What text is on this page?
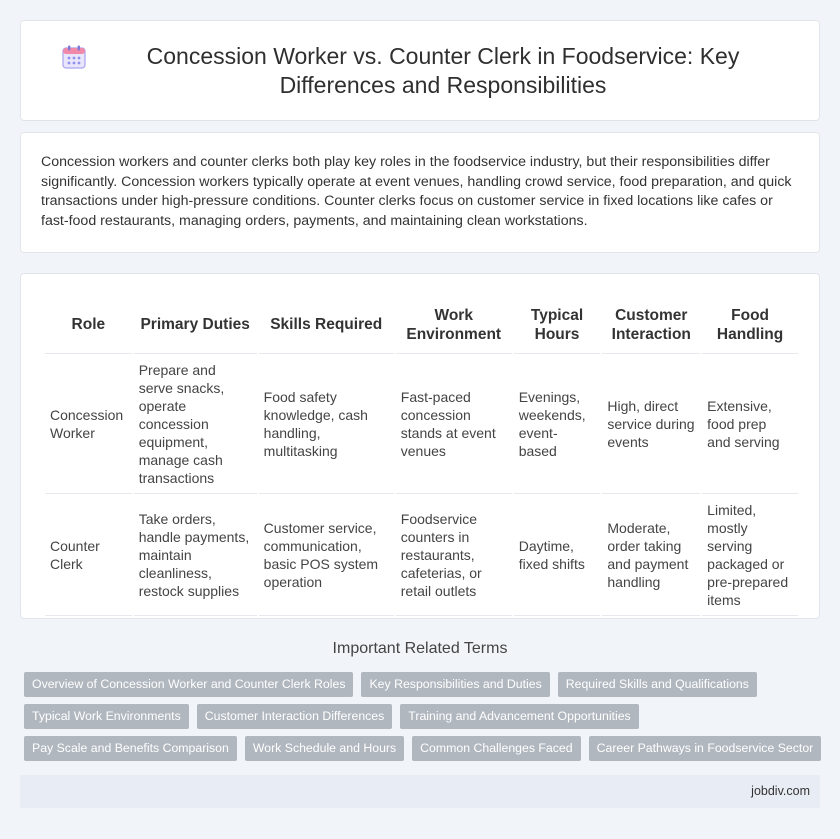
Concession Worker vs. Counter Clerk in Foodservice: Key Differences and Responsibilities

Concession workers and counter clerks both play key roles in the foodservice industry, but their responsibilities differ significantly. Concession workers typically operate at event venues, handling crowd service, food preparation, and quick transactions under high-pressure conditions. Counter clerks focus on customer service in fixed locations like cafes or fast-food restaurants, managing orders, payments, and maintaining clean workstations.

Role	Primary Duties	Skills Required	Work Environment	Typical Hours	Customer Interaction	Food Handling
Concession Worker	Prepare and serve snacks, operate concession equipment, manage cash transactions	Food safety knowledge, cash handling, multitasking	Fast-paced concession stands at event venues	Evenings, weekends, event-based	High, direct service during events	Extensive, food prep and serving
Counter Clerk	Take orders, handle payments, maintain cleanliness, restock supplies	Customer service, communication, basic POS system operation	Foodservice counters in restaurants, cafeterias, or retail outlets	Daytime, fixed shifts	Moderate, order taking and payment handling	Limited, mostly serving packaged or pre-prepared items
Important Related Terms
Overview of Concession Worker and Counter Clerk Roles	Key Responsibilities and Duties	Required Skills and Qualifications
Typical Work Environments	Customer Interaction Differences	Training and Advancement Opportunities
Pay Scale and Benefits Comparison	Work Schedule and Hours	Common Challenges Faced	Career Pathways in Foodservice Sector
jobdiv.com
